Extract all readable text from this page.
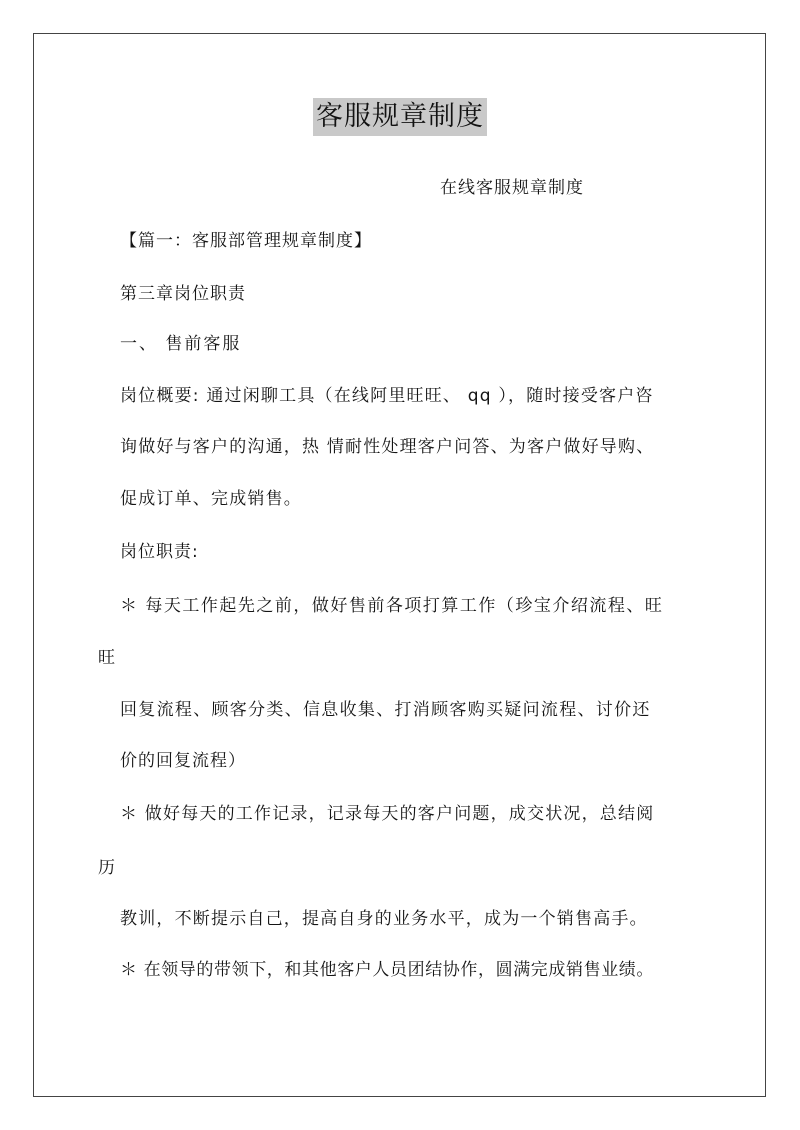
客服规章制度
在线客服规章制度
【篇一：客服部管理规章制度】
第三章岗位职责
一、 售前客服
岗位概要: 通过闲聊工具（在线阿里旺旺、 qq ），随时接受客户咨
询做好与客户的沟通，热 情耐性处理客户问答、为客户做好导购、
促成订单、完成销售。
岗位职责:
＊ 每天工作起先之前，做好售前各项打算工作（珍宝介绍流程、旺
旺
回复流程、顾客分类、信息收集、打消顾客购买疑问流程、讨价还
价的回复流程）
＊ 做好每天的工作记录，记录每天的客户问题，成交状况，总结阅
历
教训，不断提示自己，提高自身的业务水平，成为一个销售高手。
＊ 在领导的带领下，和其他客户人员团结协作，圆满完成销售业绩。
